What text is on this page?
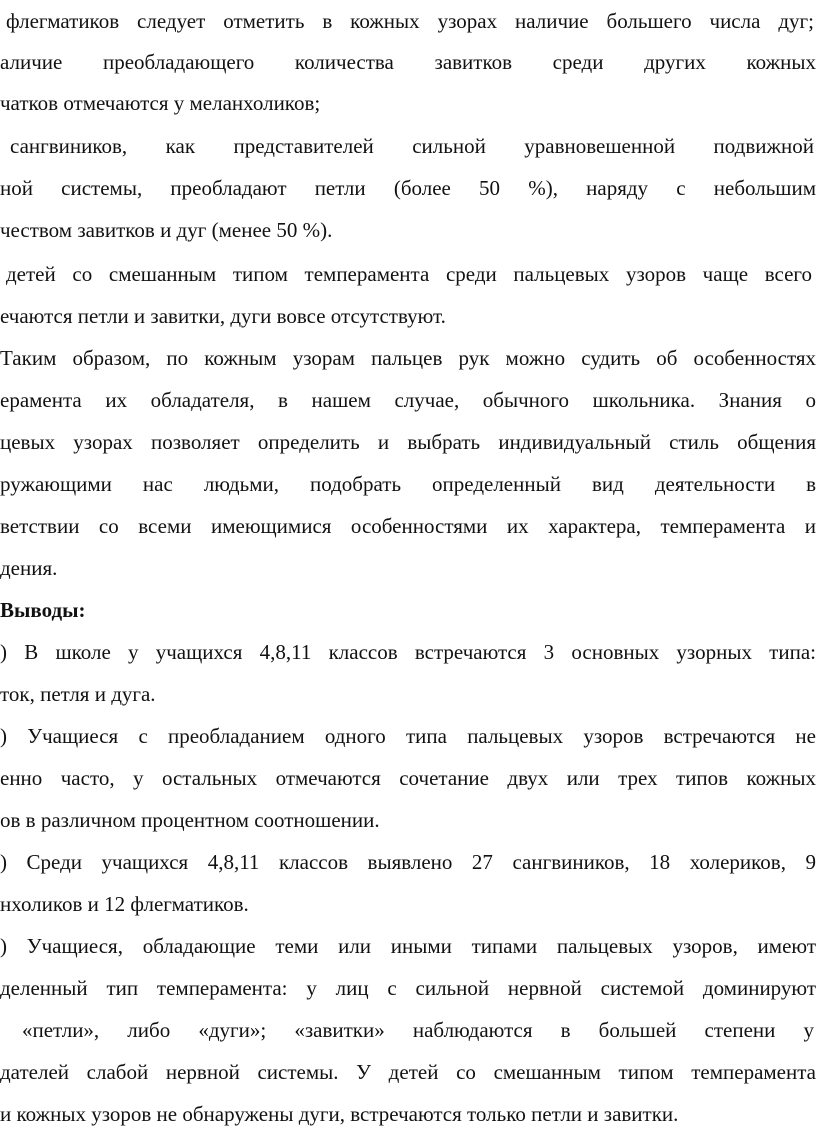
флегматиков следует отметить в кожных узорах наличие большего числа дуг;
аличие преобладающего количества завитков среди других кожных
чатков отмечаются у меланхоликов;
сангвиников, как представителей сильной уравновешенной подвижной
ной системы, преобладают петли (более 50 %), наряду с небольшим
чеством завитков и дуг (менее 50 %).
детей со смешанным типом темперамента среди пальцевых узоров чаще всего
ечаются петли и завитки, дуги вовсе отсутствуют.
Таким образом, по кожным узорам пальцев рук можно судить об особенностях
ерамента их обладателя, в нашем случае, обычного школьника. Знания о
цевых узорах позволяет определить и выбрать индивидуальный стиль общения
ружающими нас людьми, подобрать определенный вид деятельности в
ветствии со всеми имеющимися особенностями их характера, темперамента и
дения.
Выводы:
) В школе у учащихся 4,8,11 классов встречаются 3 основных узорных типа:
ток, петля и дуга.
) Учащиеся с преобладанием одного типа пальцевых узоров встречаются не
енно часто, у остальных отмечаются сочетание двух или трех типов кожных
ов в различном процентном соотношении.
) Среди учащихся 4,8,11 классов выявлено 27 сангвиников, 18 холериков, 9
нхоликов и 12 флегматиков.
) Учащиеся, обладающие теми или иными типами пальцевых узоров, имеют
деленный тип темперамента: у лиц с сильной нервной системой доминируют
«петли», либо «дуги»; «завитки» наблюдаются в большей степени у
дателей слабой нервной системы. У детей со смешанным типом темперамента
и кожных узоров не обнаружены дуги, встречаются только петли и завитки.
